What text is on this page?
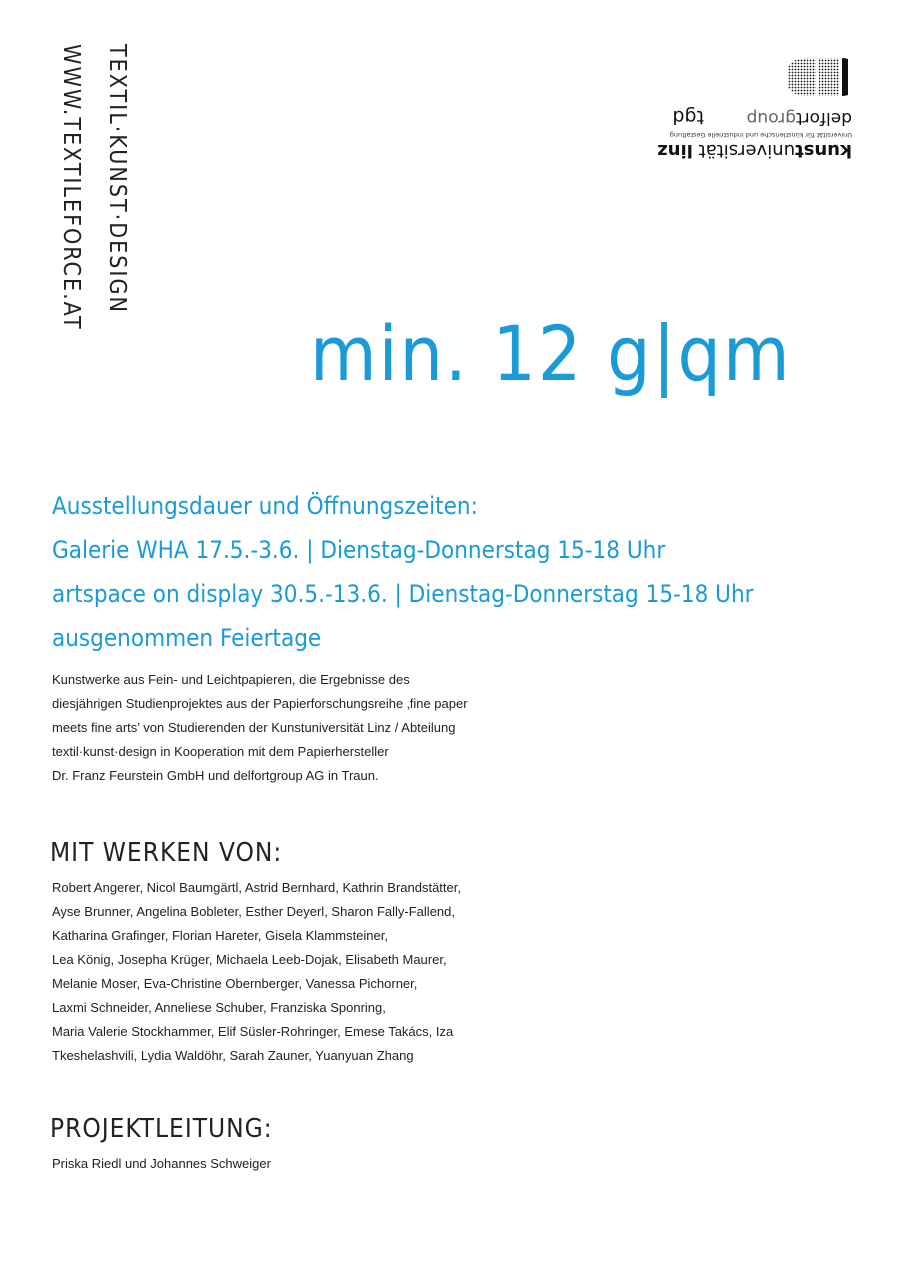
TEXTIL·KUNST·DESIGN
WWW.TEXTILEFORCE.AT	kunstuniversität linz
Universität für künstlerische und industrielle Gestaltung
delfortgroup
tgd
min. 12 g|qm
Ausstellungsdauer und Öffnungszeiten:
Galerie WHA 17.5.-3.6. | Dienstag-Donnerstag 15-18 Uhr
artspace on display 30.5.-13.6. | Dienstag-Donnerstag 15-18 Uhr
ausgenommen Feiertage
Kunstwerke aus Fein- und Leichtpapieren, die Ergebnisse des
diesjährigen Studienprojektes aus der Papierforschungsreihe ‚fine paper
meets fine arts’ von Studierenden der Kunstuniversität Linz / Abteilung
textil·kunst·design in Kooperation mit dem Papierhersteller
Dr. Franz Feurstein GmbH und delfortgroup AG in Traun.
MIT WERKEN VON:
Robert Angerer, Nicol Baumgärtl, Astrid Bernhard, Kathrin Brandstätter,
Ayse Brunner, Angelina Bobleter, Esther Deyerl, Sharon Fally-Fallend,
Katharina Grafinger, Florian Hareter, Gisela Klammsteiner,
Lea König, Josepha Krüger, Michaela Leeb-Dojak, Elisabeth Maurer,
Melanie Moser, Eva-Christine Obernberger, Vanessa Pichorner,
Laxmi Schneider, Anneliese Schuber, Franziska Sponring,
Maria Valerie Stockhammer, Elif Süsler-Rohringer, Emese Takács, Iza
Tkeshelashvili, Lydia Waldöhr, Sarah Zauner, Yuanyuan Zhang
PROJEKTLEITUNG:
Priska Riedl und Johannes Schweiger
